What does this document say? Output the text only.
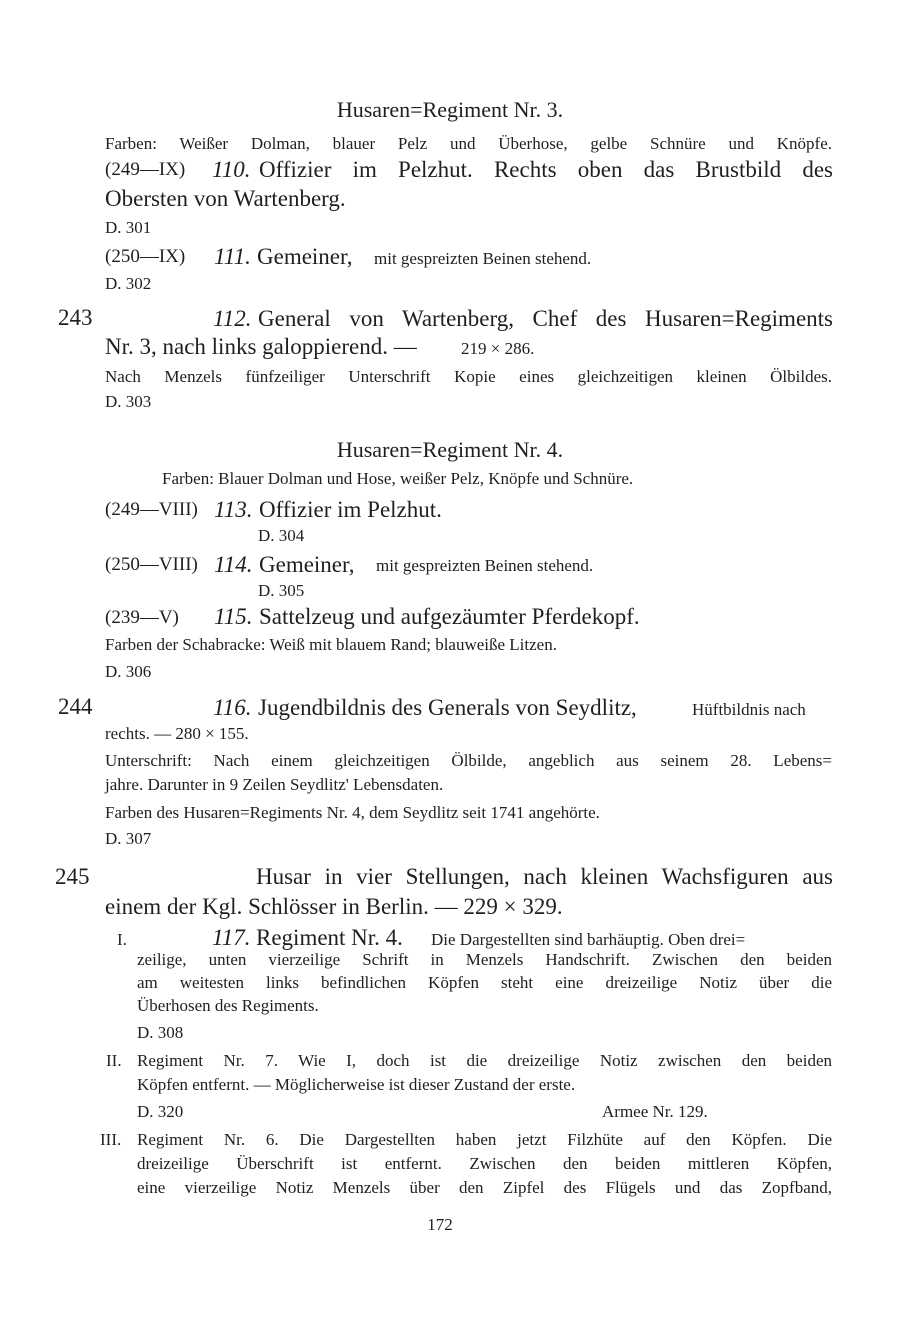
Husaren=Regiment Nr. 3.
Farben: Weißer Dolman, blauer Pelz und Überhose, gelbe Schnüre und Knöpfe.
(249—IX) 110. Offizier im Pelzhut. Rechts oben das Brustbild des
Obersten von Wartenberg.
D. 301
(250—IX) 111. Gemeiner, mit gespreizten Beinen stehend.
D. 302
243	112. General von Wartenberg, Chef des Husaren=Regiments
Nr. 3, nach links galoppierend. —	219 × 286.
Nach Menzels fünfzeiliger Unterschrift Kopie eines gleichzeitigen kleinen Ölbildes.
D. 303
Husaren=Regiment Nr. 4.
Farben: Blauer Dolman und Hose, weißer Pelz, Knöpfe und Schnüre.
(249—VIII) 113. Offizier im Pelzhut.
D. 304
(250—VIII) 114. Gemeiner, mit gespreizten Beinen stehend.
D. 305
(239—V) 115. Sattelzeug und aufgezäumter Pferdekopf.
Farben der Schabracke: Weiß mit blauem Rand; blauweiße Litzen.
D. 306
244	116. Jugendbildnis des Generals von Seydlitz,	Hüftbildnis nach
rechts. — 280 × 155.
Unterschrift: Nach einem gleichzeitigen Ölbilde, angeblich aus seinem 28. Lebens=
jahre. Darunter in 9 Zeilen Seydlitz' Lebensdaten.
Farben des Husaren=Regiments Nr. 4, dem Seydlitz seit 1741 angehörte.
D. 307
245	Husar in vier Stellungen, nach kleinen Wachsfiguren aus
einem der Kgl. Schlösser in Berlin. — 229 × 329.
I.	117. Regiment Nr. 4. Die Dargestellten sind barhäuptig. Oben drei=
zeilige, unten vierzeilige Schrift in Menzels Handschrift. Zwischen den beiden
am weitesten links befindlichen Köpfen steht eine dreizeilige Notiz über die
Überhosen des Regiments.
D. 308
II. Regiment Nr. 7. Wie I, doch ist die dreizeilige Notiz zwischen den beiden
Köpfen entfernt. — Möglicherweise ist dieser Zustand der erste.
D. 320	Armee Nr. 129.
III. Regiment Nr. 6. Die Dargestellten haben jetzt Filzhüte auf den Köpfen. Die
dreizeilige Überschrift ist entfernt. Zwischen den beiden mittleren Köpfen,
eine vierzeilige Notiz Menzels über den Zipfel des Flügels und das Zopfband,
172
